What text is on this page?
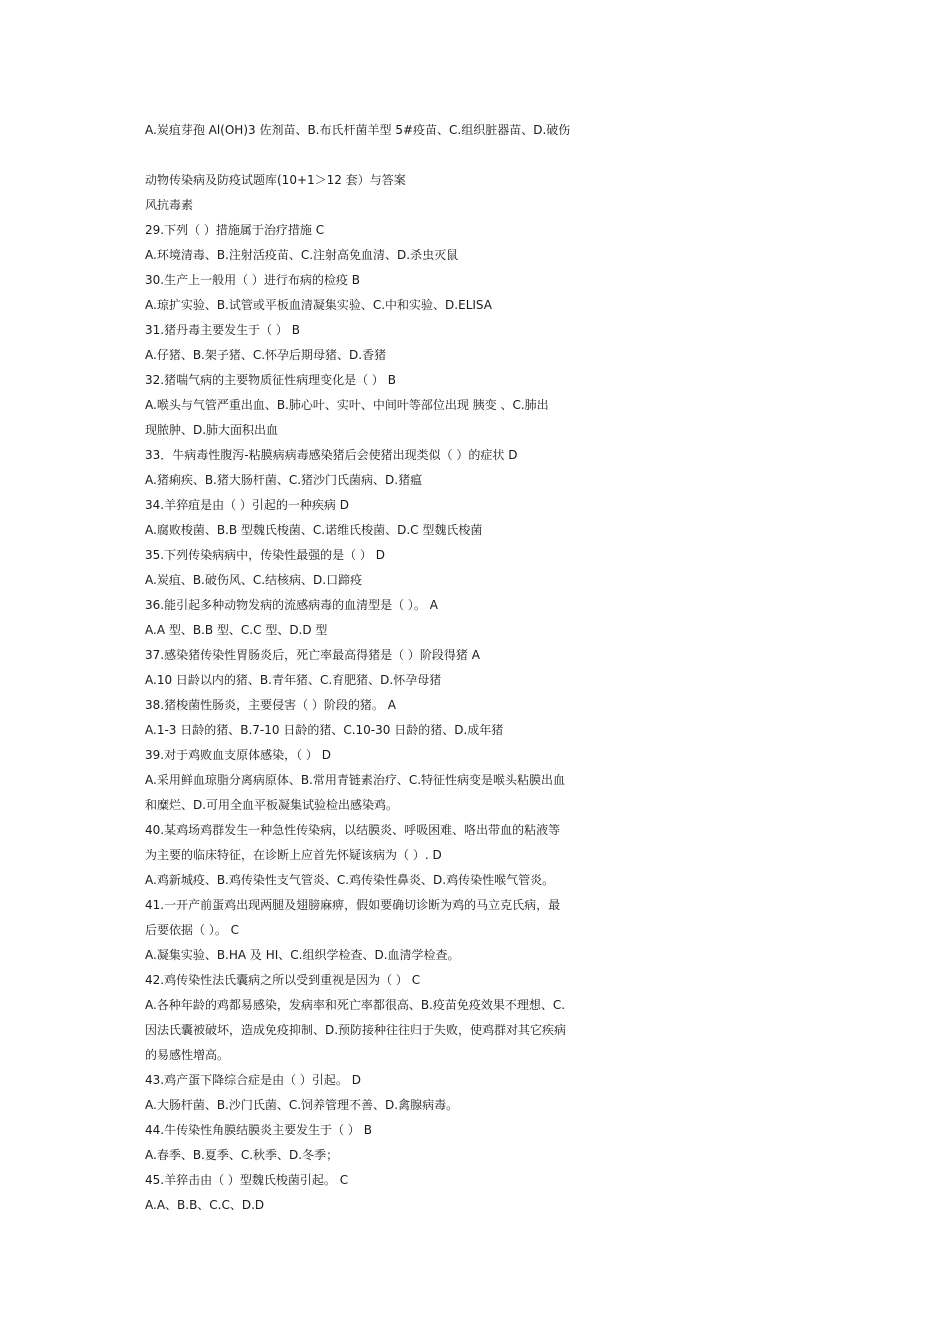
A.炭疽芽孢 Al(OH)3 佐剂苗、B.布氏杆菌羊型 5#疫苗、C.组织脏器苗、D.破伤
动物传染病及防疫试题库(10+1＞12 套）与答案
风抗毒素
29.下列（ ）措施属于治疗措施 C
A.环境清毒、B.注射活疫苗、C.注射高免血清、D.杀虫灭鼠
30.生产上一般用（ ）进行布病的检疫 B
A.琼扩实验、B.试管或平板血清凝集实验、C.中和实验、D.ELISA
31.猪丹毒主要发生于（ ） B
A.仔猪、B.架子猪、C.怀孕后期母猪、D.香猪
32.猪喘气病的主要物质征性病理变化是（ ） B
A.喉头与气管严重出血、B.肺心叶、实叶、中间叶等部位出现 胰变 、C.肺出
现脓肿、D.肺大面积出血
33．牛病毒性腹泻-粘膜病病毒感染猪后会使猪出现类似（ ）的症状 D
A.猪痢疾、B.猪大肠杆菌、C.猪沙门氏菌病、D.猪瘟
34.羊猝疽是由（ ）引起的一种疾病 D
A.腐败梭菌、B.B 型魏氏梭菌、C.诺维氏梭菌、D.C 型魏氏梭菌
35.下列传染病病中，传染性最强的是（ ） D
A.炭疽、B.破伤风、C.结核病、D.口蹄疫
36.能引起多种动物发病的流感病毒的血清型是（ ）。 A
A.A 型、B.B 型、C.C 型、D.D 型
37.感染猪传染性胃肠炎后，死亡率最高得猪是（ ）阶段得猪 A
A.10 日龄以内的猪、B.青年猪、C.育肥猪、D.怀孕母猪
38.猪梭菌性肠炎，主要侵害（ ）阶段的猪。 A
A.1-3 日龄的猪、B.7-10 日龄的猪、C.10-30 日龄的猪、D.成年猪
39.对于鸡败血支原体感染，（ ） D
A.采用鲜血琼脂分离病原体、B.常用青链素治疗、C.特征性病变是喉头粘膜出血
和糜烂、D.可用全血平板凝集试验检出感染鸡。
40.某鸡场鸡群发生一种急性传染病，以结膜炎、呼吸困难、咯出带血的粘液等
为主要的临床特征，在诊断上应首先怀疑该病为（ ）. D
A.鸡新城疫、B.鸡传染性支气管炎、C.鸡传染性鼻炎、D.鸡传染性喉气管炎。
41.一开产前蛋鸡出现两腿及翅膀麻痹，假如要确切诊断为鸡的马立克氏病，最
后要依据（ ）。 C
A.凝集实验、B.HA 及 HI、C.组织学检查、D.血清学检查。
42.鸡传染性法氏囊病之所以受到重视是因为（ ） C
A.各种年龄的鸡都易感染，发病率和死亡率都很高、B.疫苗免疫效果不理想、C.
因法氏囊被破坏，造成免疫抑制、D.预防接种往往归于失败，使鸡群对其它疾病
的易感性增高。
43.鸡产蛋下降综合症是由（ ）引起。 D
A.大肠杆菌、B.沙门氏菌、C.饲养管理不善、D.禽腺病毒。
44.牛传染性角膜结膜炎主要发生于（ ） B
A.春季、B.夏季、C.秋季、D.冬季；
45.羊猝击由（ ）型魏氏梭菌引起。 C
A.A、B.B、C.C、D.D
